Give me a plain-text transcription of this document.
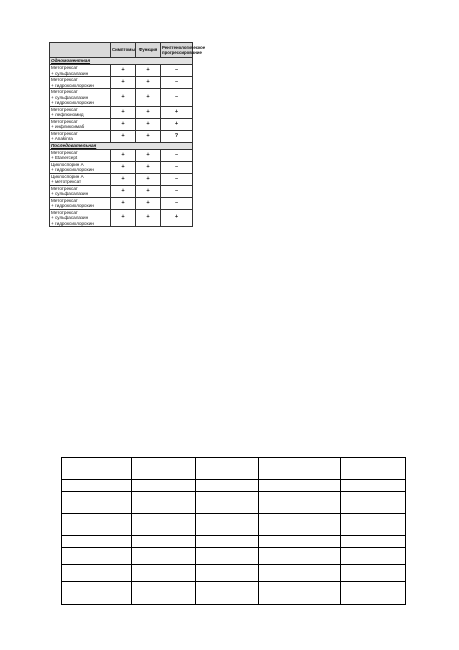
	Симптомы	Функция	Рентгенологическое прогрессирование
Одномоментная			

Метотрексат
+ сульфасалазин	+	+	–

Метотрексат
+ гидроксихлорохин	+	+	–

Метотрексат
+ сульфасалазин
+ гидроксихлорохин	+	+	–

Метотрексат
+ лефлюномид	+	+	+

Метотрексат
+ инфликсимаб	+	+	+

Метотрексат
+ Anakinra	+	+	?
Последовательная			

Метотрексат
+ Etanercept	+	+	–

Циклоспорин А
+ гидроксихлорохин	+	+	–

Циклоспорин А
+ метотрексат	+	+	–

Метотрексат
+ сульфасалазин	+	+	–

Метотрексат
+ гидроксихлорохин	+	+	–

Метотрексат
+ сульфасалазин
+ гидроксихлорохин	+	+	+
